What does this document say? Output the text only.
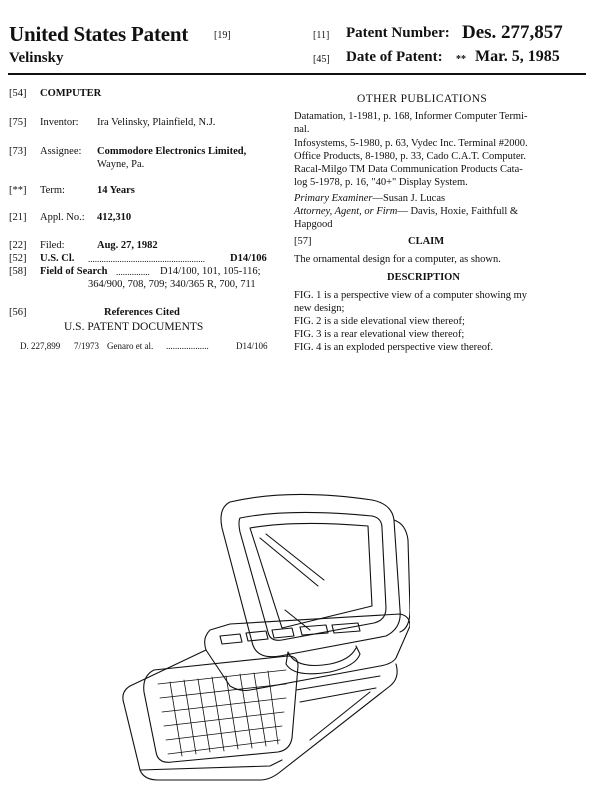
United States Patent	[19]
Velinsky
[11] Patent Number: Des. 277,857
[45] Date of Patent: ** Mar. 5, 1985
[54] COMPUTER
[75] Inventor: Ira Velinsky, Plainfield, N.J.
[73] Assignee: Commodore Electronics Limited,
Wayne, Pa.
[**] Term:	14 Years
[21] Appl. No.: 412,310
[22] Filed:	Aug. 27, 1982
[52] U.S. Cl. .................................................... D14/106
[58] Field of Search ............... D14/100, 101, 105-116;
364/900, 708, 709; 340/365 R, 700, 711
[56]	References Cited
U.S. PATENT DOCUMENTS
D. 227,899 7/1973 Genaro et al. ...................	D14/106
OTHER PUBLICATIONS
Datamation, 1-1981, p. 168, Informer Computer Termi-
nal.
Infosystems, 5-1980, p. 63, Vydec Inc. Terminal #2000.
Office Products, 8-1980, p. 33, Cado C.A.T. Computer.
Racal-Milgo TM Data Communication Products Cata-
log 5-1978, p. 16, "40+" Display System.
Primary Examiner—Susan J. Lucas
Attorney, Agent, or Firm— Davis, Hoxie, Faithfull &
Hapgood
[57]	CLAIM
The ornamental design for a computer, as shown.
DESCRIPTION
FIG. 1 is a perspective view of a computer showing my
new design;
FIG. 2 is a side elevational view thereof;
FIG. 3 is a rear elevational view thereof;
FIG. 4 is an exploded perspective view thereof.
